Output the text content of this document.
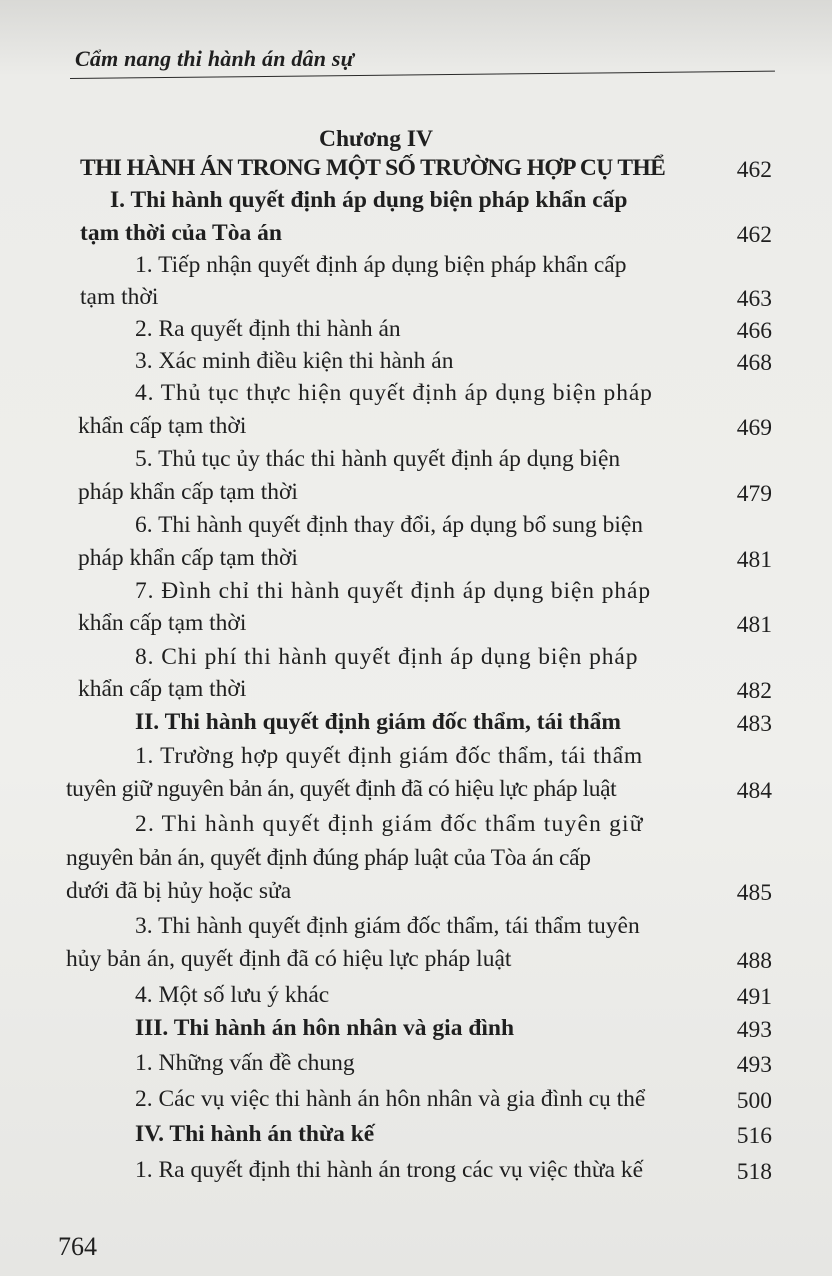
Cẩm nang thi hành án dân sự
Chương IV
THI HÀNH ÁN TRONG MỘT SỐ TRƯỜNG HỢP CỤ THỂ	462
I. Thi hành quyết định áp dụng biện pháp khẩn cấp
tạm thời của Tòa án	462
1. Tiếp nhận quyết định áp dụng biện pháp khẩn cấp
tạm thời	463
2. Ra quyết định thi hành án	466
3. Xác minh điều kiện thi hành án	468
4. Thủ tục thực hiện quyết định áp dụng biện pháp
khẩn cấp tạm thời	469
5. Thủ tục ủy thác thi hành quyết định áp dụng biện
pháp khẩn cấp tạm thời	479
6. Thi hành quyết định thay đổi, áp dụng bổ sung biện
pháp khẩn cấp tạm thời	481
7. Đình chỉ thi hành quyết định áp dụng biện pháp
khẩn cấp tạm thời	481
8. Chi phí thi hành quyết định áp dụng biện pháp
khẩn cấp tạm thời	482
II. Thi hành quyết định giám đốc thẩm, tái thẩm	483
1. Trường hợp quyết định giám đốc thẩm, tái thẩm
tuyên giữ nguyên bản án, quyết định đã có hiệu lực pháp luật	484
2. Thi hành quyết định giám đốc thẩm tuyên giữ
nguyên bản án, quyết định đúng pháp luật của Tòa án cấp
dưới đã bị hủy hoặc sửa	485
3. Thi hành quyết định giám đốc thẩm, tái thẩm tuyên
hủy bản án, quyết định đã có hiệu lực pháp luật	488
4. Một số lưu ý khác	491
III. Thi hành án hôn nhân và gia đình	493
1. Những vấn đề chung	493
2. Các vụ việc thi hành án hôn nhân và gia đình cụ thể	500
IV. Thi hành án thừa kế	516
1. Ra quyết định thi hành án trong các vụ việc thừa kế	518
764
